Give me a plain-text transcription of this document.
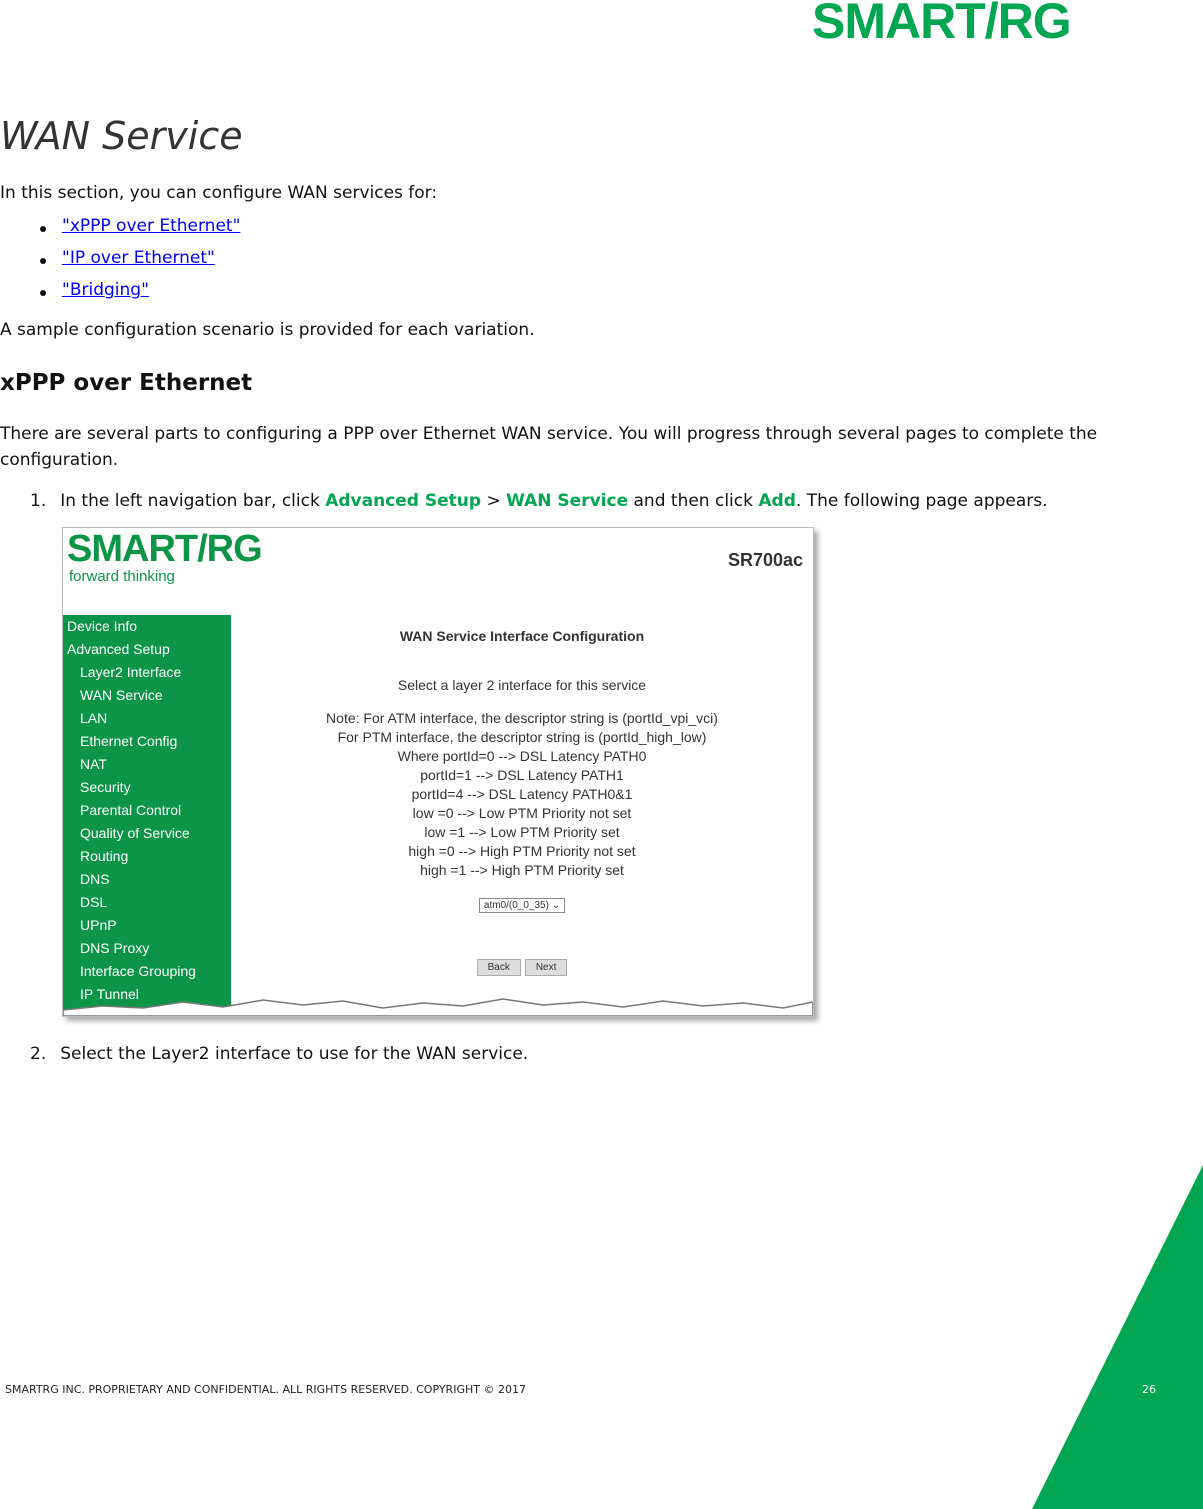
SMART/RG
WAN Service
In this section, you can configure WAN services for:
"xPPP over Ethernet"
"IP over Ethernet"
"Bridging"
A sample configuration scenario is provided for each variation.
xPPP over Ethernet
There are several parts to configuring a PPP over Ethernet WAN service. You will progress through several pages to complete the configuration.
1. In the left navigation bar, click Advanced Setup > WAN Service and then click Add. The following page appears.
SMART/RG
forward thinking
SR700ac
Device Info
Advanced Setup
Layer2 Interface
WAN Service
LAN
Ethernet Config
NAT
Security
Parental Control
Quality of Service
Routing
DNS
DSL
UPnP
DNS Proxy
Interface Grouping
IP Tunnel
WAN Service Interface Configuration
Select a layer 2 interface for this service
Note: For ATM interface, the descriptor string is (portId_vpi_vci)
For PTM interface, the descriptor string is (portId_high_low)
Where portId=0 --> DSL Latency PATH0
portId=1 --> DSL Latency PATH1
portId=4 --> DSL Latency PATH0&1
low =0 --> Low PTM Priority not set
low =1 --> Low PTM Priority set
high =0 --> High PTM Priority not set
high =1 --> High PTM Priority set
atm0/(0_0_35) ⌄
Back	Next
2. Select the Layer2 interface to use for the WAN service.
SMARTRG INC. PROPRIETARY AND CONFIDENTIAL. ALL RIGHTS RESERVED. COPYRIGHT © 2017	26
